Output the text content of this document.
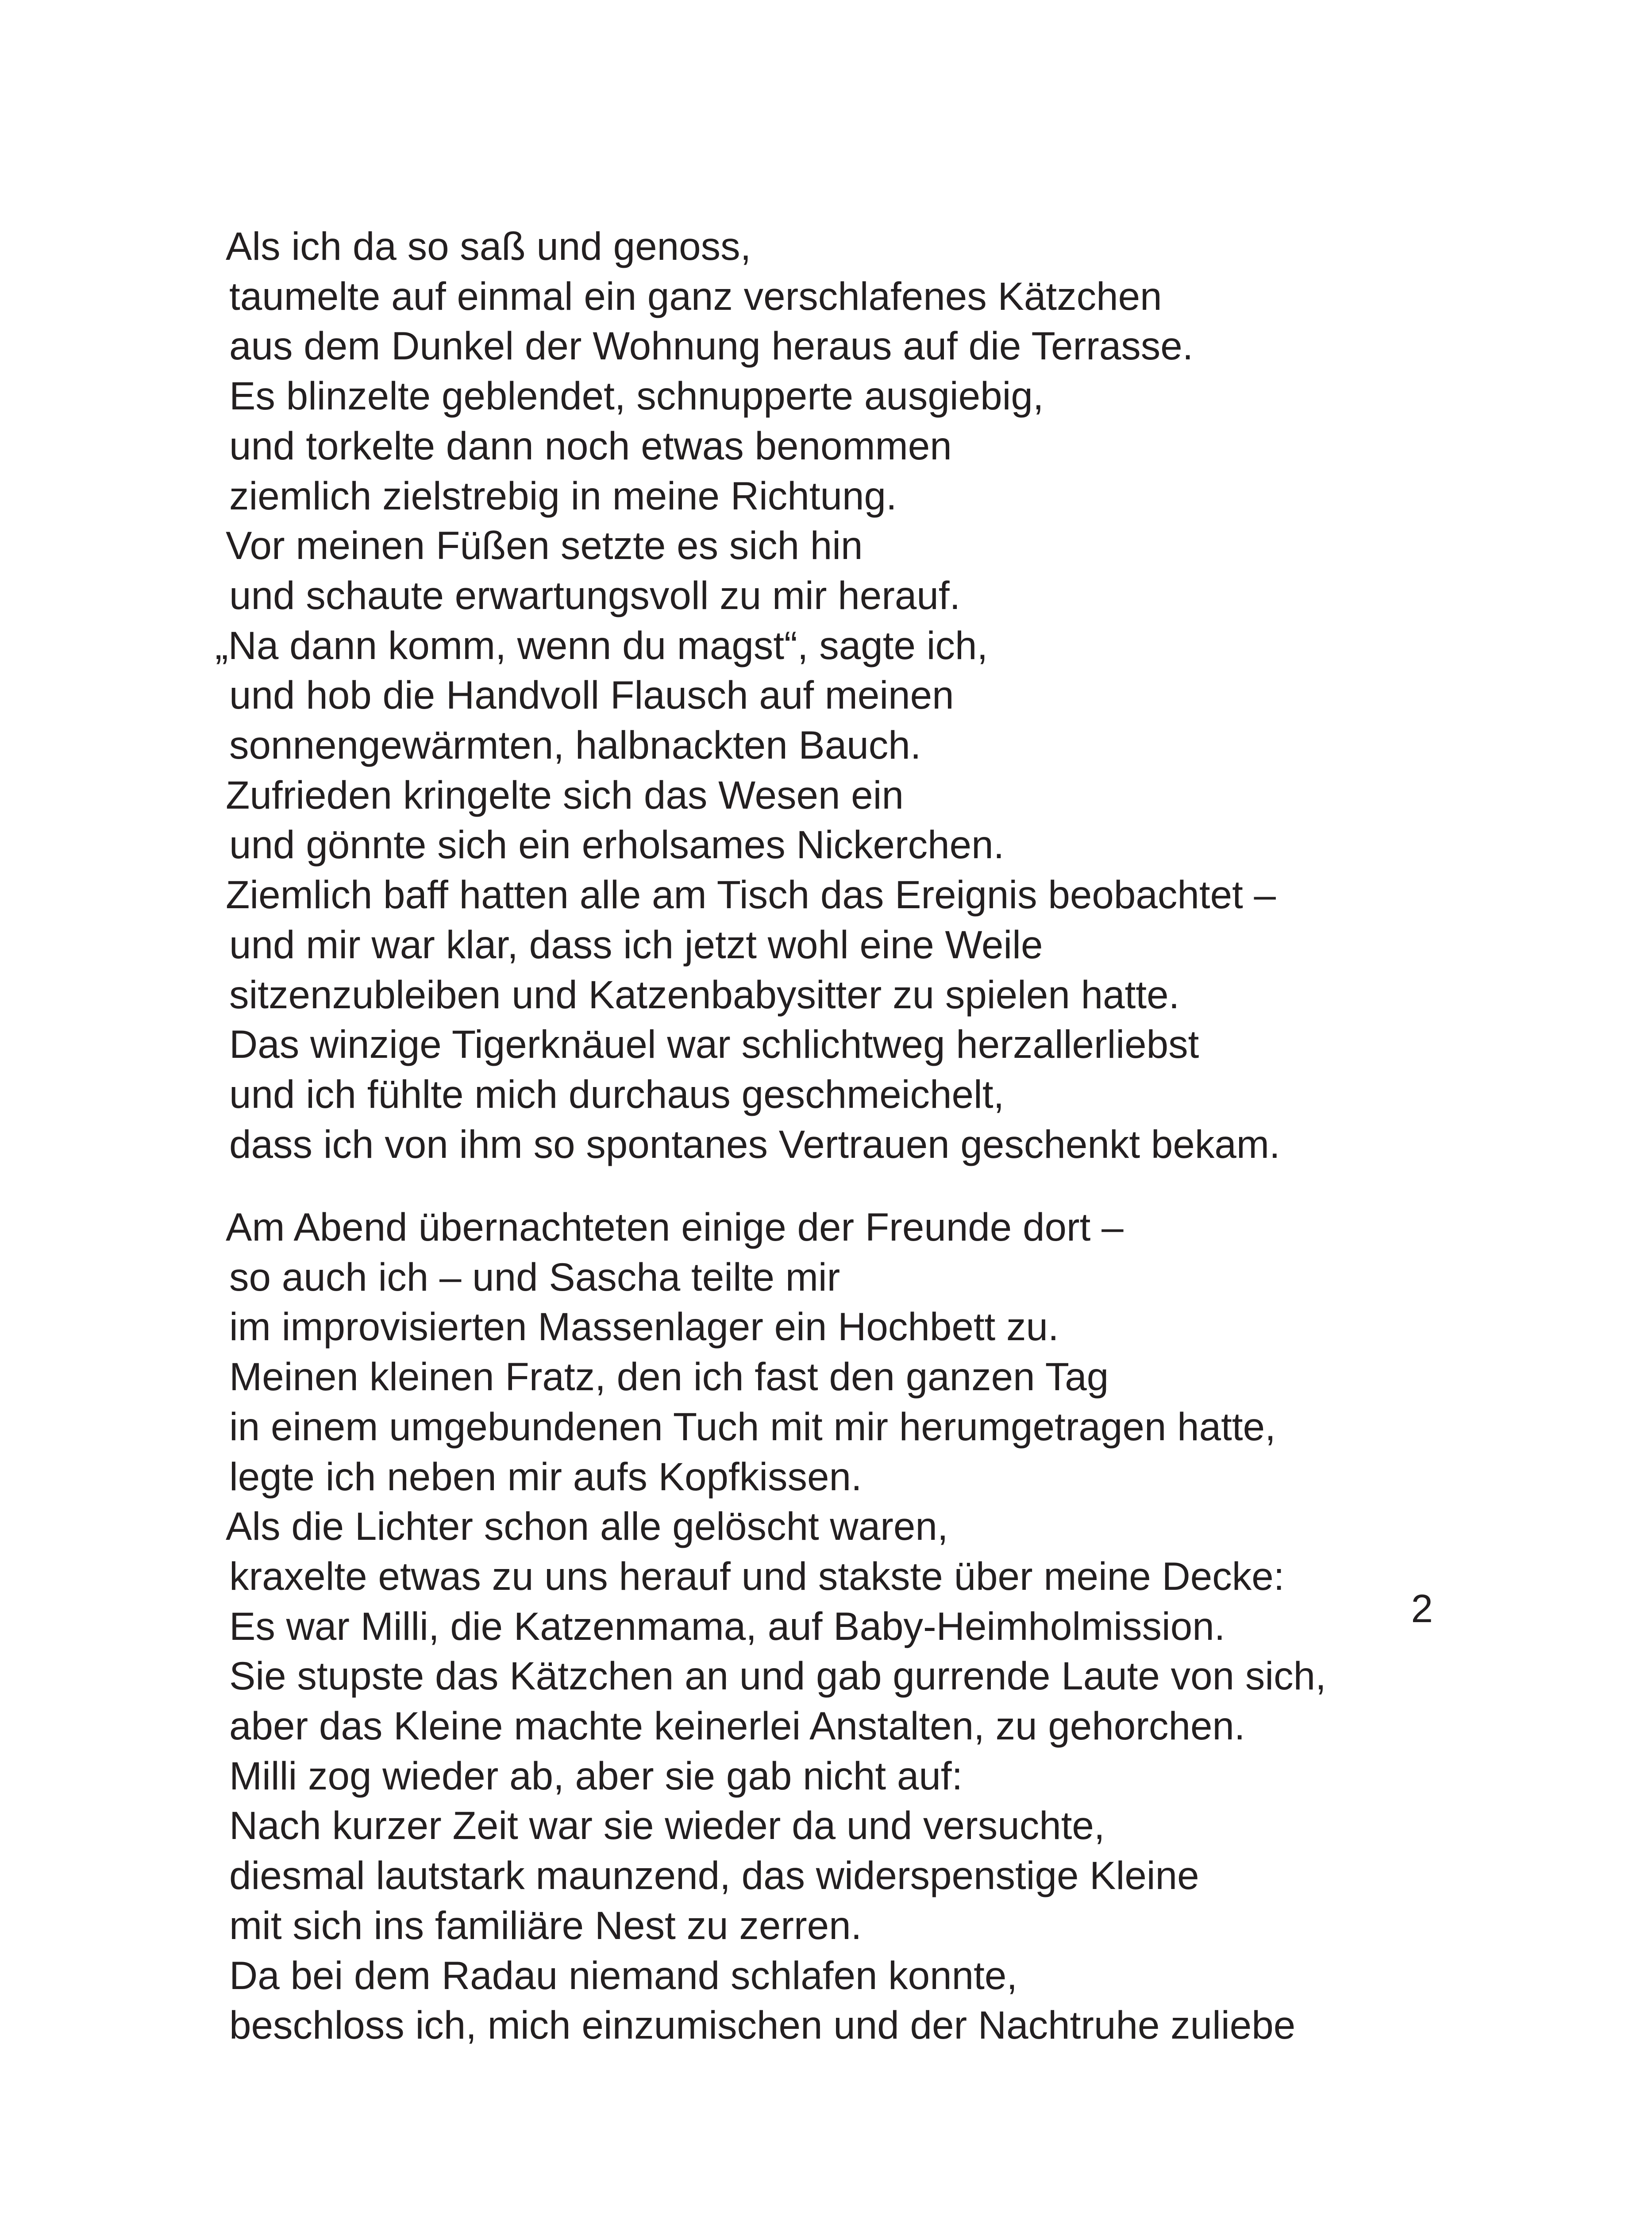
Als ich da so saß und genoss,
taumelte auf einmal ein ganz verschlafenes Kätzchen
aus dem Dunkel der Wohnung heraus auf die Terrasse.
Es blinzelte geblendet, schnupperte ausgiebig,
und torkelte dann noch etwas benommen
ziemlich zielstrebig in meine Richtung.
Vor meinen Füßen setzte es sich hin
und schaute erwartungsvoll zu mir herauf.
„Na dann komm, wenn du magst“, sagte ich,
und hob die Handvoll Flausch auf meinen
sonnengewärmten, halbnackten Bauch.
Zufrieden kringelte sich das Wesen ein
und gönnte sich ein erholsames Nickerchen.
Ziemlich baff hatten alle am Tisch das Ereignis beobachtet –
und mir war klar, dass ich jetzt wohl eine Weile
sitzenzubleiben und Katzenbabysitter zu spielen hatte.
Das winzige Tigerknäuel war schlichtweg herzallerliebst
und ich fühlte mich durchaus geschmeichelt,
dass ich von ihm so spontanes Vertrauen geschenkt bekam.
Am Abend übernachteten einige der Freunde dort –
so auch ich – und Sascha teilte mir
im improvisierten Massenlager ein Hochbett zu.
Meinen kleinen Fratz, den ich fast den ganzen Tag
in einem umgebundenen Tuch mit mir herumgetragen hatte,
legte ich neben mir aufs Kopfkissen.
Als die Lichter schon alle gelöscht waren,
kraxelte etwas zu uns herauf und stakste über meine Decke:
Es war Milli, die Katzenmama, auf Baby-Heimholmission.
Sie stupste das Kätzchen an und gab gurrende Laute von sich,
aber das Kleine machte keinerlei Anstalten, zu gehorchen.
Milli zog wieder ab, aber sie gab nicht auf:
Nach kurzer Zeit war sie wieder da und versuchte,
diesmal lautstark maunzend, das widerspenstige Kleine
mit sich ins familiäre Nest zu zerren.
Da bei dem Radau niemand schlafen konnte,
beschloss ich, mich einzumischen und der Nachtruhe zuliebe
2
